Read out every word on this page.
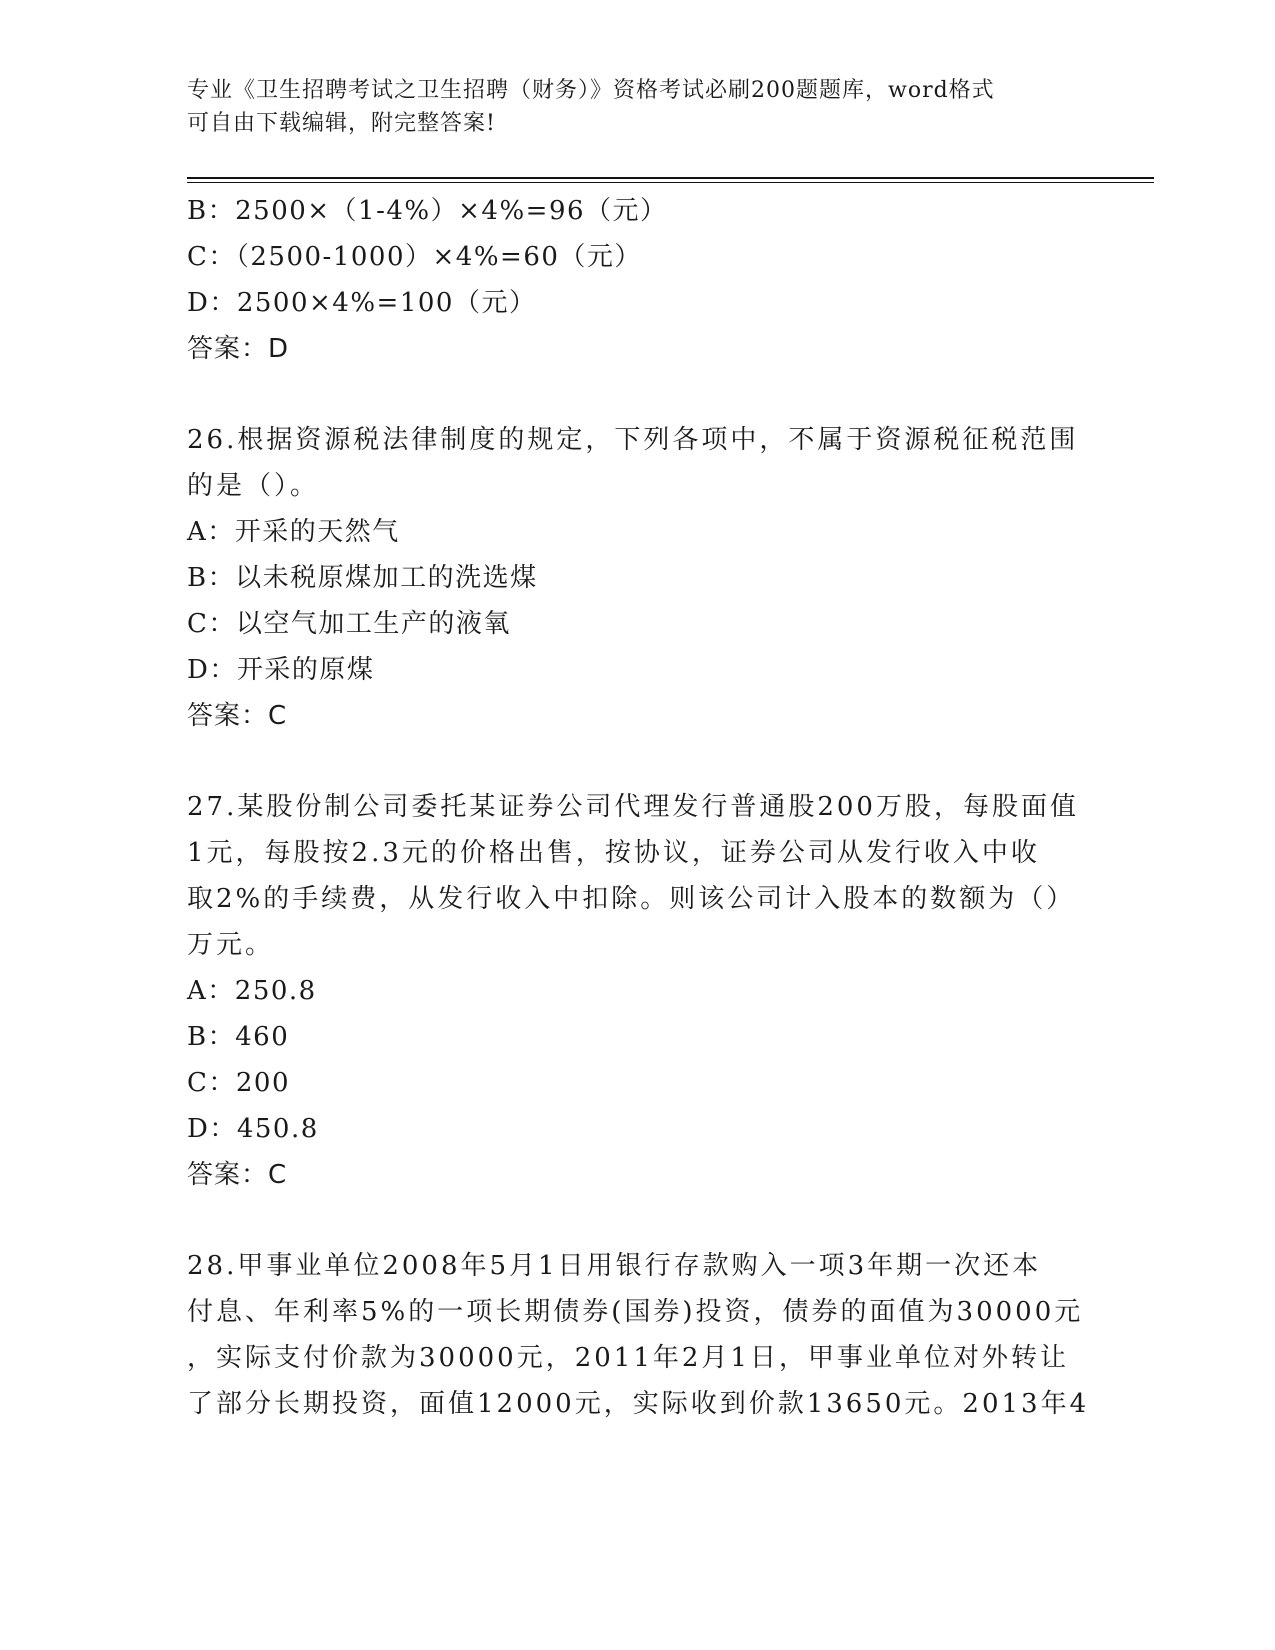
专业《卫生招聘考试之卫生招聘（财务）》资格考试必刷200题题库，word格式
可自由下载编辑，附完整答案!
B：2500×（1-4%）×4%=96（元）
C：（2500-1000）×4%=60（元）
D：2500×4%=100（元）
答案：D
26.根据资源税法律制度的规定，下列各项中，不属于资源税征税范围
的是（）。
A：开采的天然气
B：以未税原煤加工的洗选煤
C：以空气加工生产的液氧
D：开采的原煤
答案：C
27.某股份制公司委托某证券公司代理发行普通股200万股，每股面值
1元，每股按2.3元的价格出售，按协议，证券公司从发行收入中收
取2%的手续费，从发行收入中扣除。则该公司计入股本的数额为（）
万元。
A：250.8
B：460
C：200
D：450.8
答案：C
28.甲事业单位2008年5月1日用银行存款购入一项3年期一次还本
付息、年利率5%的一项长期债券(国券)投资，债券的面值为30000元
，实际支付价款为30000元，2011年2月1日，甲事业单位对外转让
了部分长期投资，面值12000元，实际收到价款13650元。2013年4
